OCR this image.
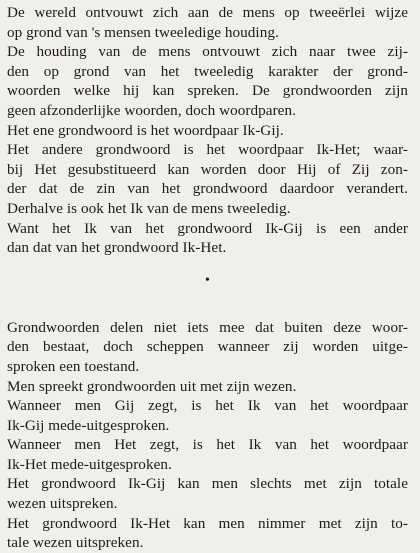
De wereld ontvouwt zich aan de mens op tweeërlei wijze
op grond van 's mensen tweeledige houding.
De houding van de mens ontvouwt zich naar twee zij-
den op grond van het tweeledig karakter der grond-
woorden welke hij kan spreken. De grondwoorden zijn
geen afzonderlijke woorden, doch woordparen.
Het ene grondwoord is het woordpaar Ik-Gij.
Het andere grondwoord is het woordpaar Ik-Het; waar-
bij Het gesubstitueerd kan worden door Hij of Zij zon-
der dat de zin van het grondwoord daardoor verandert.
Derhalve is ook het Ik van de mens tweeledig.
Want het Ik van het grondwoord Ik-Gij is een ander
dan dat van het grondwoord Ik-Het.
•
Grondwoorden delen niet iets mee dat buiten deze woor-
den bestaat, doch scheppen wanneer zij worden uitge-
sproken een toestand.
Men spreekt grondwoorden uit met zijn wezen.
Wanneer men Gij zegt, is het Ik van het woordpaar
Ik-Gij mede-uitgesproken.
Wanneer men Het zegt, is het Ik van het woordpaar
Ik-Het mede-uitgesproken.
Het grondwoord Ik-Gij kan men slechts met zijn totale
wezen uitspreken.
Het grondwoord Ik-Het kan men nimmer met zijn to-
tale wezen uitspreken.
